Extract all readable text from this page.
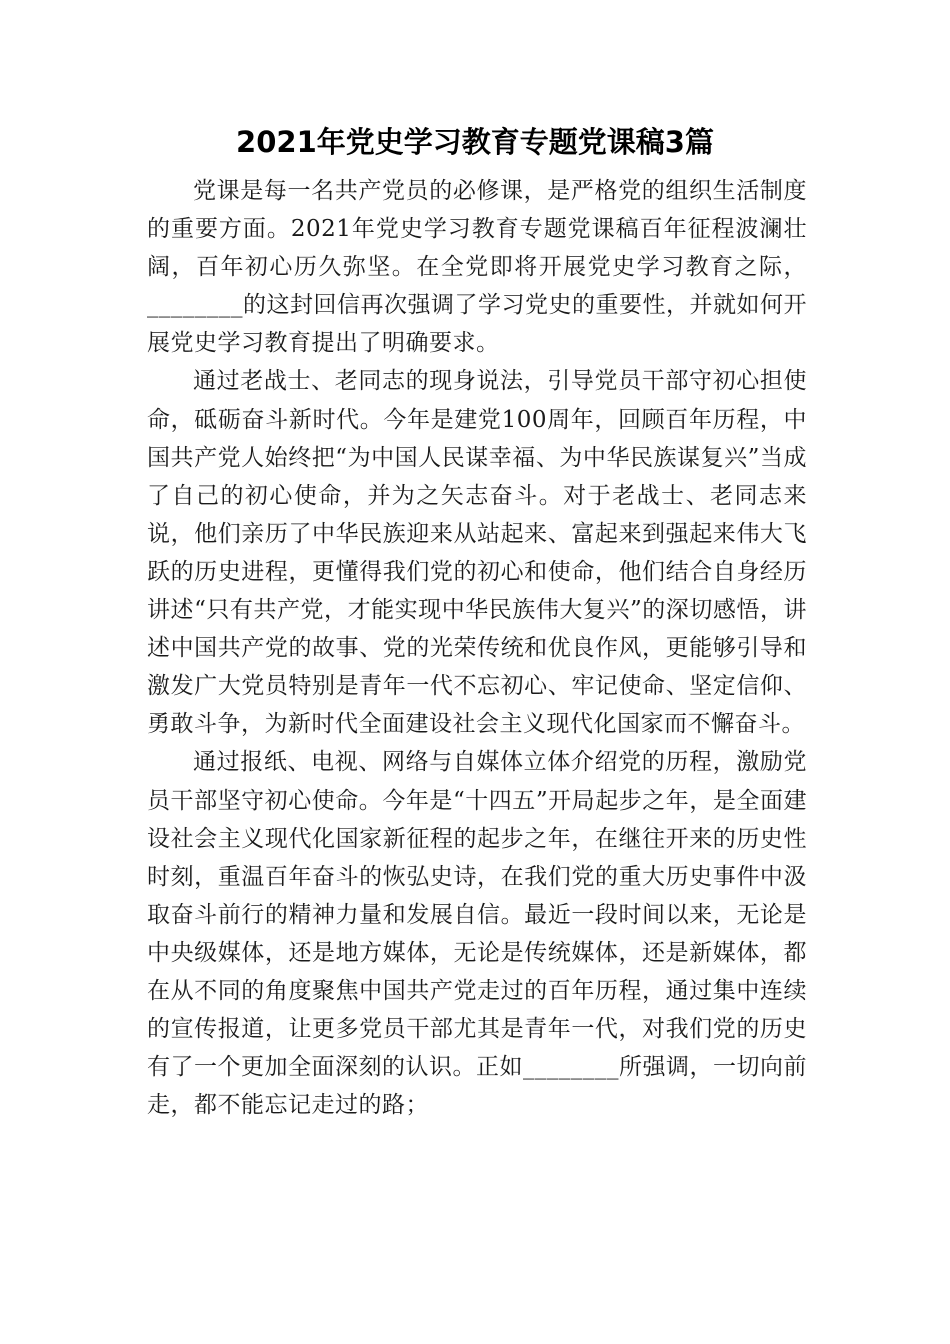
2021年党史学习教育专题党课稿3篇

党课是每一名共产党员的必修课，是严格党的组织生活制度的重要方面。2021年党史学习教育专题党课稿百年征程波澜壮阔，百年初心历久弥坚。在全党即将开展党史学习教育之际，________的这封回信再次强调了学习党史的重要性，并就如何开展党史学习教育提出了明确要求。

通过老战士、老同志的现身说法，引导党员干部守初心担使命，砥砺奋斗新时代。今年是建党100周年，回顾百年历程，中国共产党人始终把“为中国人民谋幸福、为中华民族谋复兴”当成了自己的初心使命，并为之矢志奋斗。对于老战士、老同志来说，他们亲历了中华民族迎来从站起来、富起来到强起来伟大飞跃的历史进程，更懂得我们党的初心和使命，他们结合自身经历讲述“只有共产党，才能实现中华民族伟大复兴”的深切感悟，讲述中国共产党的故事、党的光荣传统和优良作风，更能够引导和激发广大党员特别是青年一代不忘初心、牢记使命、坚定信仰、勇敢斗争，为新时代全面建设社会主义现代化国家而不懈奋斗。

通过报纸、电视、网络与自媒体立体介绍党的历程，激励党员干部坚守初心使命。今年是“十四五”开局起步之年，是全面建设社会主义现代化国家新征程的起步之年，在继往开来的历史性时刻，重温百年奋斗的恢弘史诗，在我们党的重大历史事件中汲取奋斗前行的精神力量和发展自信。最近一段时间以来，无论是中央级媒体，还是地方媒体，无论是传统媒体，还是新媒体，都在从不同的角度聚焦中国共产党走过的百年历程，通过集中连续的宣传报道，让更多党员干部尤其是青年一代，对我们党的历史有了一个更加全面深刻的认识。正如________所强调，一切向前走，都不能忘记走过的路；
